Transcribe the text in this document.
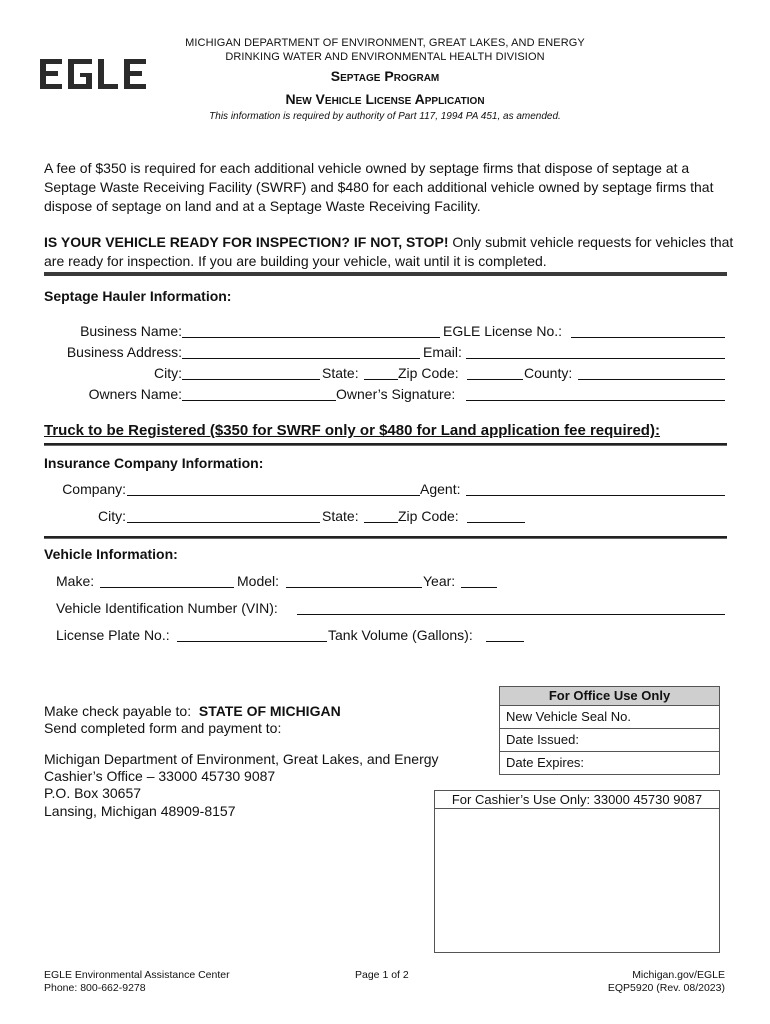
MICHIGAN DEPARTMENT OF ENVIRONMENT, GREAT LAKES, AND ENERGY
DRINKING WATER AND ENVIRONMENTAL HEALTH DIVISION
Septage Program
New Vehicle License Application
This information is required by authority of Part 117, 1994 PA 451, as amended.
A fee of $350 is required for each additional vehicle owned by septage firms that dispose of septage at a Septage Waste Receiving Facility (SWRF) and $480 for each additional vehicle owned by septage firms that dispose of septage on land and at a Septage Waste Receiving Facility.
IS YOUR VEHICLE READY FOR INSPECTION? IF NOT, STOP! Only submit vehicle requests for vehicles that are ready for inspection. If you are building your vehicle, wait until it is completed.
Septage Hauler Information:
Business Name:	EGLE License No.:
Business Address:	Email:
City:	State:	Zip Code:	County:
Owners Name:	Owner’s Signature:
Truck to be Registered ($350 for SWRF only or $480 for Land application fee required):
Insurance Company Information:
Company:	Agent:
City:	State:	Zip Code:
Vehicle Information:
Make:	Model:	Year:
Vehicle Identification Number (VIN):
License Plate No.:	Tank Volume (Gallons):
Make check payable to:  STATE OF MICHIGAN
Send completed form and payment to:
Michigan Department of Environment, Great Lakes, and Energy
Cashier’s Office – 33000 45730 9087
P.O. Box 30657
Lansing, Michigan 48909-8157
For Office Use Only
New Vehicle Seal No.
Date Issued:
Date Expires:
For Cashier’s Use Only: 33000 45730 9087
EGLE Environmental Assistance Center
Phone: 800-662-9278
Page 1 of 2	Michigan.gov/EGLE
EQP5920 (Rev. 08/2023)
